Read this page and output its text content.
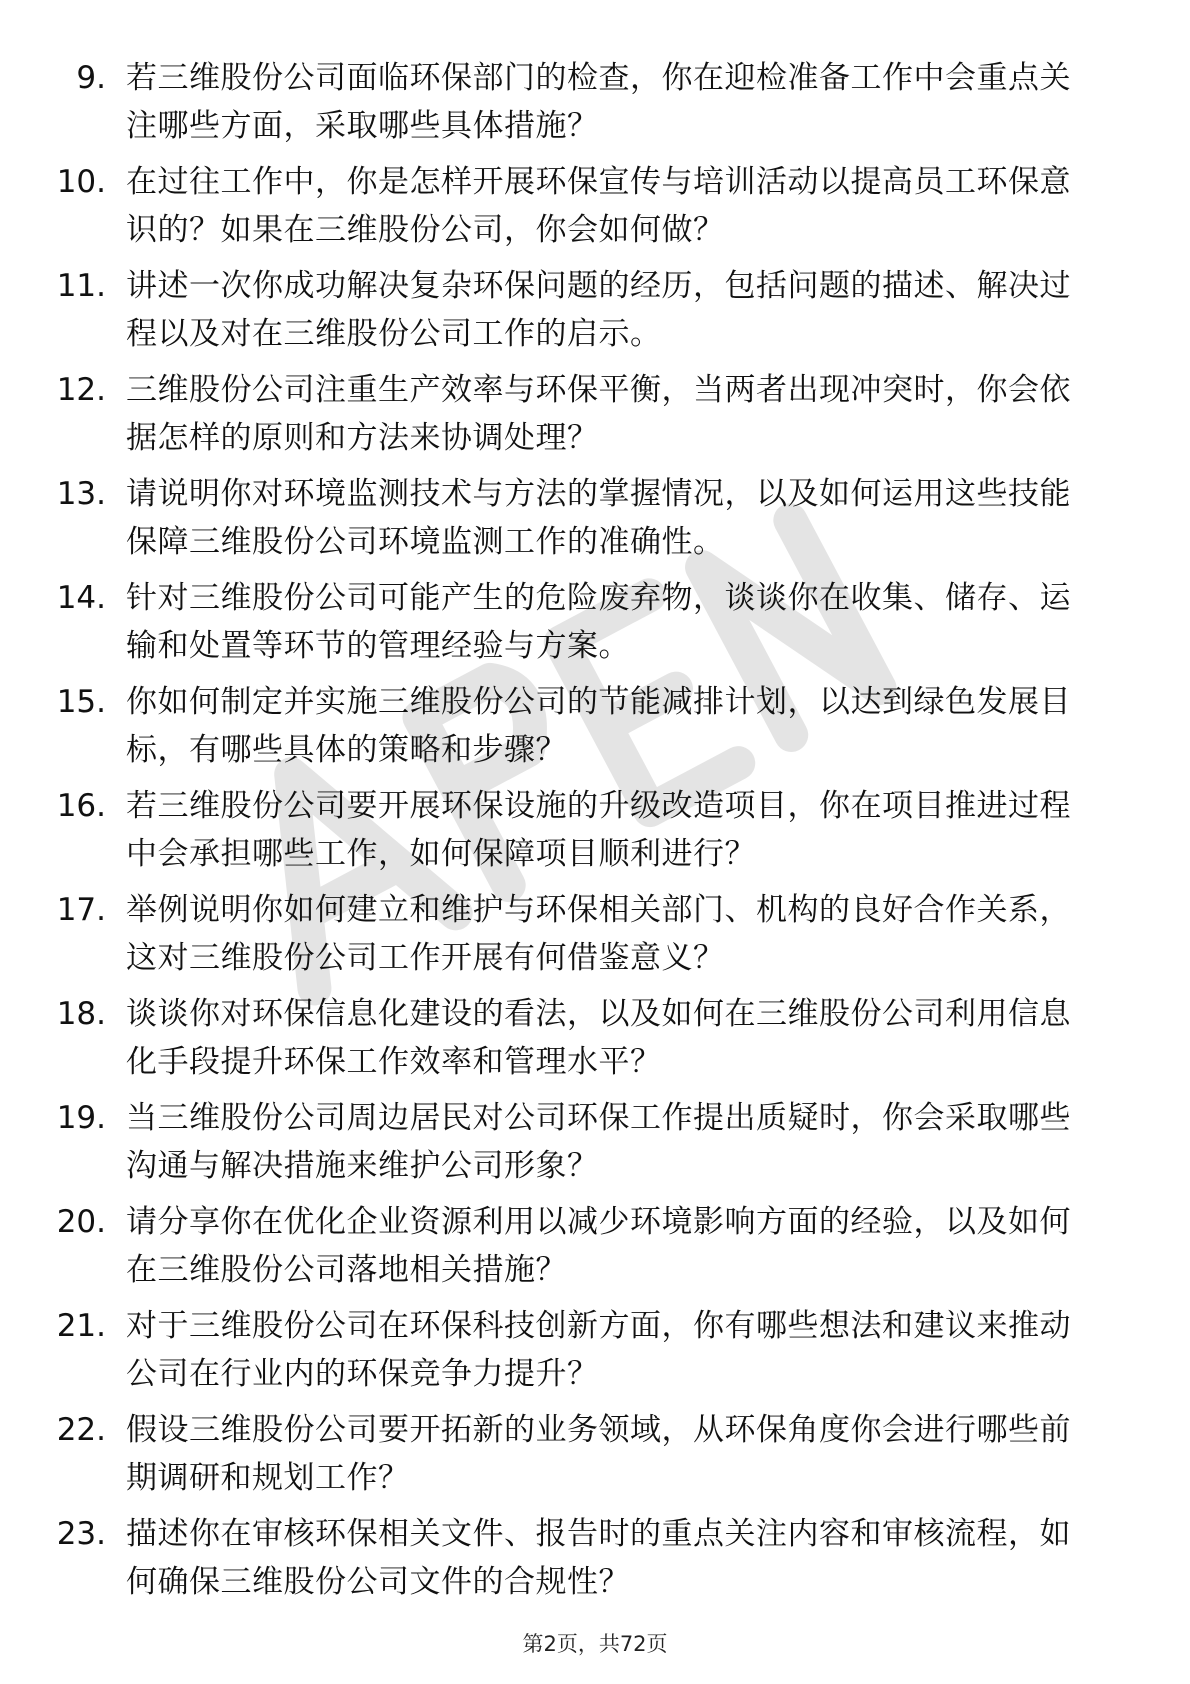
9. 若三维股份公司面临环保部门的检查，你在迎检准备工作中会重点关注哪些方面，采取哪些具体措施？

10. 在过往工作中，你是怎样开展环保宣传与培训活动以提高员工环保意识的？如果在三维股份公司，你会如何做？

11. 讲述一次你成功解决复杂环保问题的经历，包括问题的描述、解决过程以及对在三维股份公司工作的启示。

12. 三维股份公司注重生产效率与环保平衡，当两者出现冲突时，你会依据怎样的原则和方法来协调处理？

13. 请说明你对环境监测技术与方法的掌握情况，以及如何运用这些技能保障三维股份公司环境监测工作的准确性。

14. 针对三维股份公司可能产生的危险废弃物，谈谈你在收集、储存、运输和处置等环节的管理经验与方案。

15. 你如何制定并实施三维股份公司的节能减排计划，以达到绿色发展目标，有哪些具体的策略和步骤？

16. 若三维股份公司要开展环保设施的升级改造项目，你在项目推进过程中会承担哪些工作，如何保障项目顺利进行？

17. 举例说明你如何建立和维护与环保相关部门、机构的良好合作关系，这对三维股份公司工作开展有何借鉴意义？

18. 谈谈你对环保信息化建设的看法，以及如何在三维股份公司利用信息化手段提升环保工作效率和管理水平？

19. 当三维股份公司周边居民对公司环保工作提出质疑时，你会采取哪些沟通与解决措施来维护公司形象？

20. 请分享你在优化企业资源利用以减少环境影响方面的经验，以及如何在三维股份公司落地相关措施？

21. 对于三维股份公司在环保科技创新方面，你有哪些想法和建议来推动公司在行业内的环保竞争力提升？

22. 假设三维股份公司要开拓新的业务领域，从环保角度你会进行哪些前期调研和规划工作？

23. 描述你在审核环保相关文件、报告时的重点关注内容和审核流程，如何确保三维股份公司文件的合规性？

第2页，共72页
